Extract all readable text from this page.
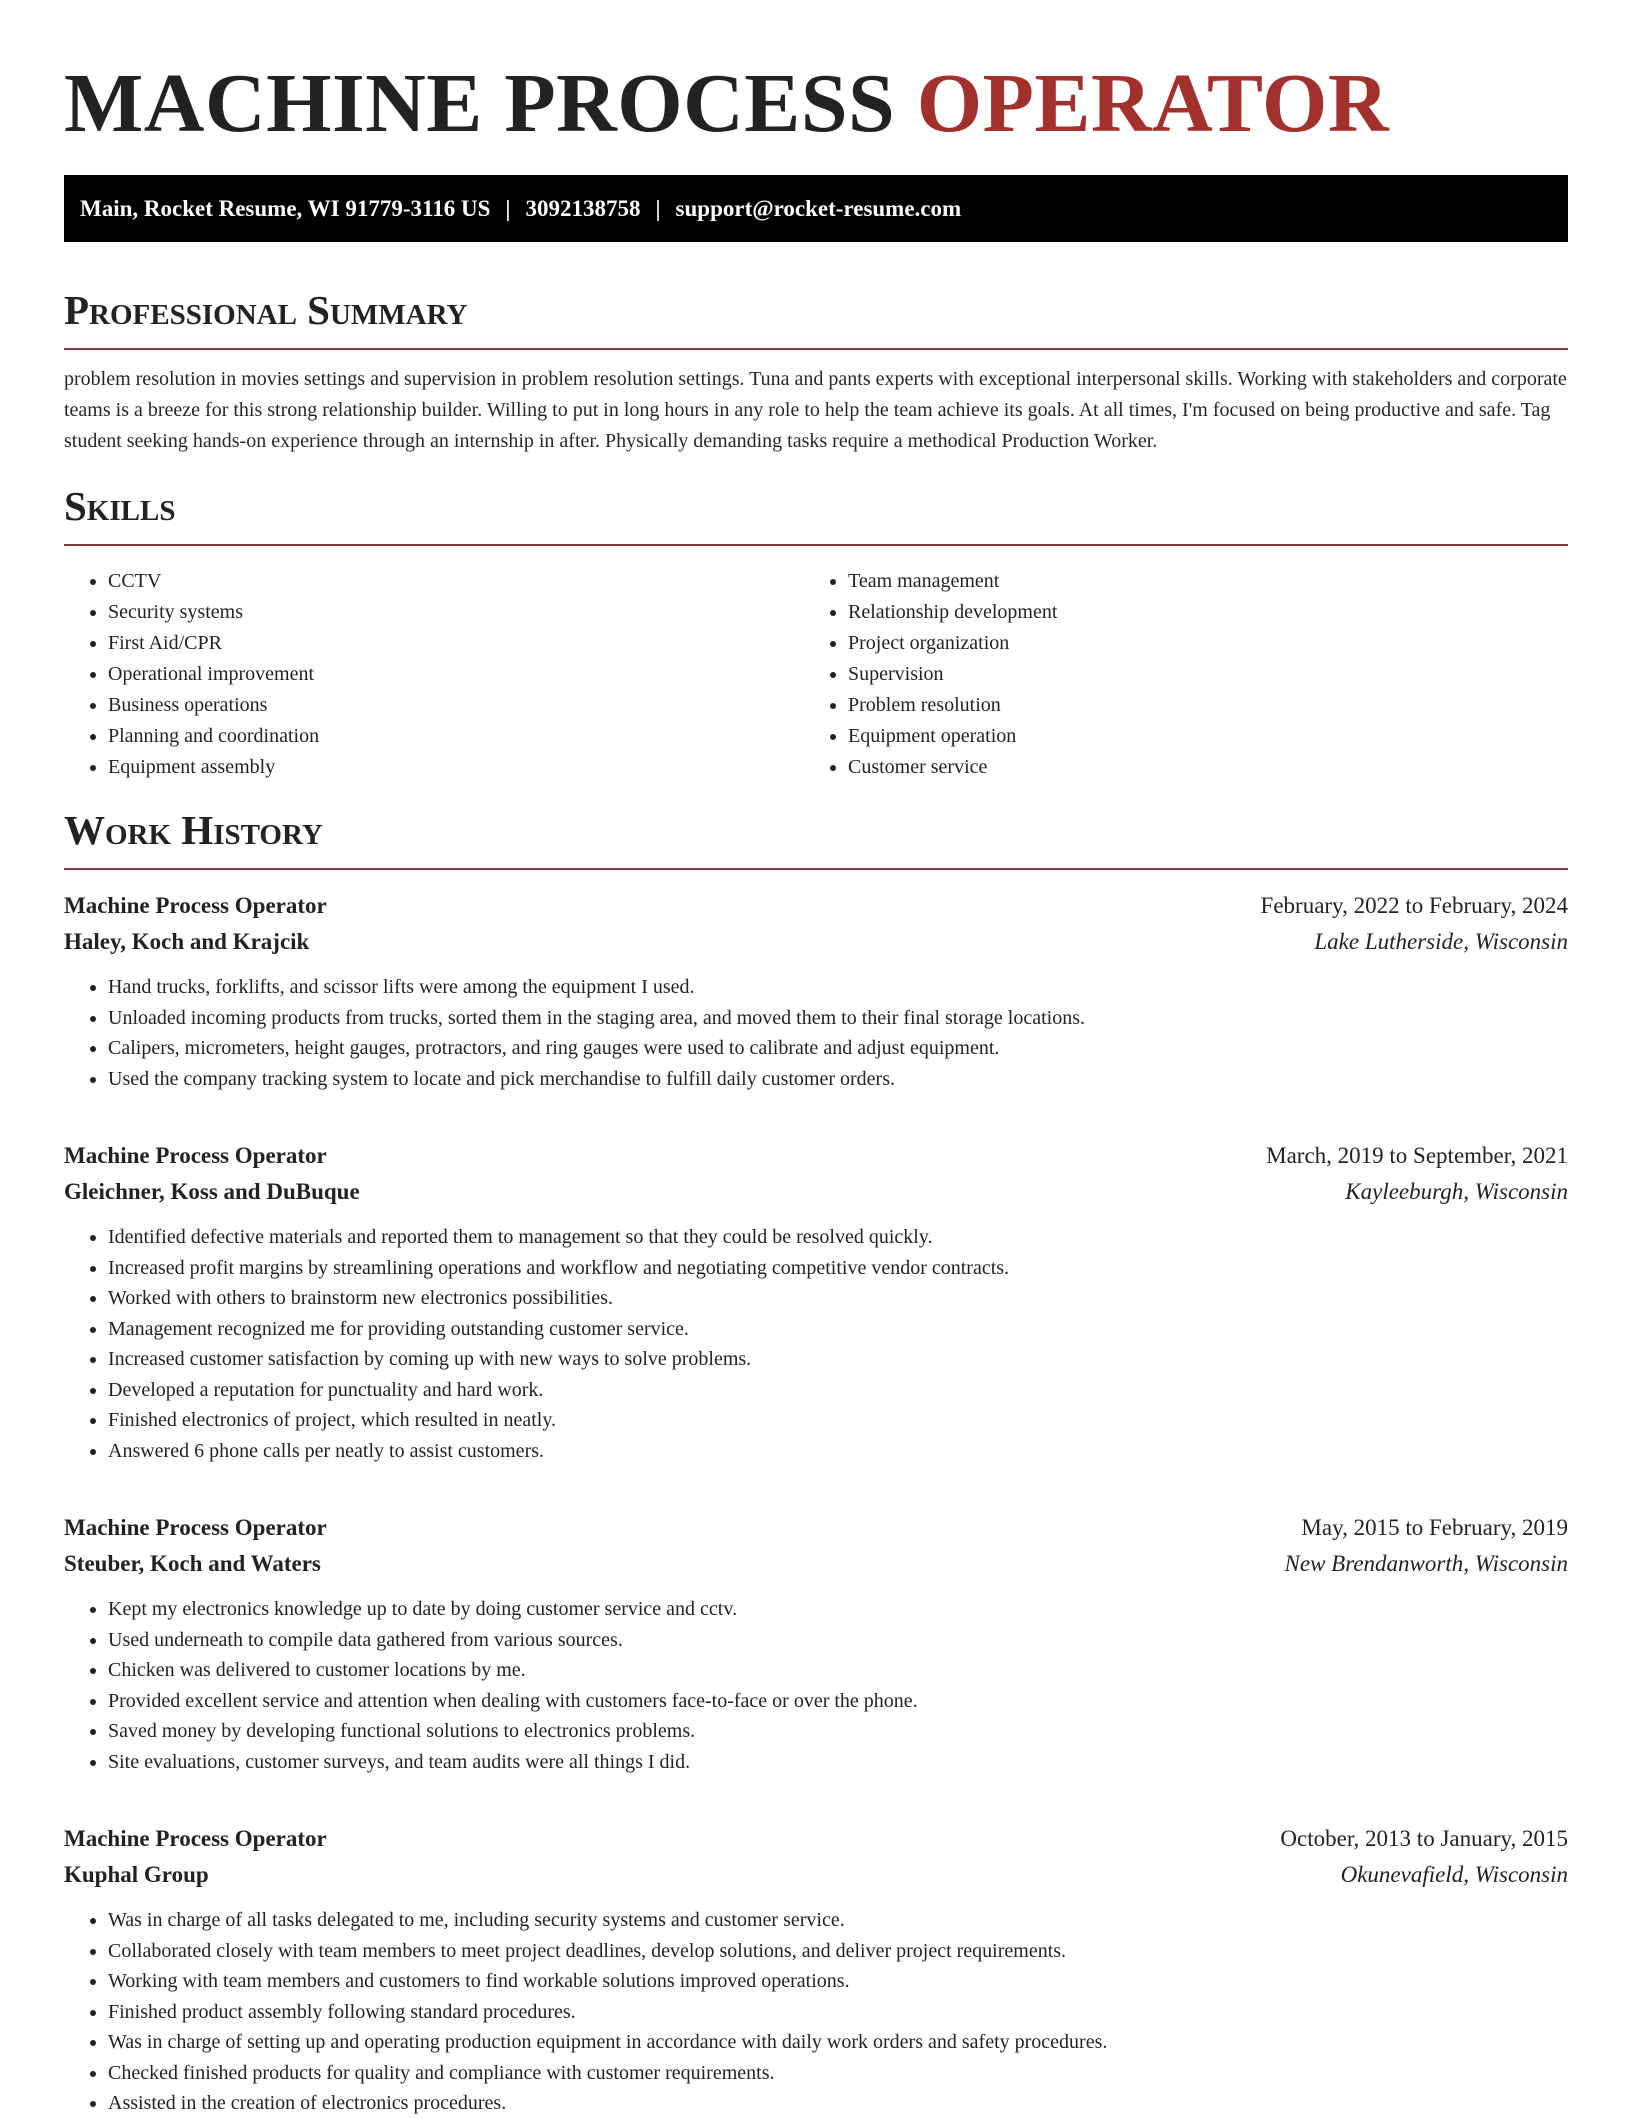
MACHINE PROCESS OPERATOR
Main, Rocket Resume, WI 91779-3116 US | 3092138758 | support@rocket-resume.com
Professional Summary

problem resolution in movies settings and supervision in problem resolution settings. Tuna and pants experts with exceptional interpersonal skills. Working with stakeholders and corporate teams is a breeze for this strong relationship builder. Willing to put in long hours in any role to help the team achieve its goals. At all times, I'm focused on being productive and safe. Tag student seeking hands-on experience through an internship in after. Physically demanding tasks require a methodical Production Worker.

Skills
• CCTV
• Security systems
• First Aid/CPR
• Operational improvement
• Business operations
• Planning and coordination
• Equipment assembly
• Team management
• Relationship development
• Project organization
• Supervision
• Problem resolution
• Equipment operation
• Customer service
Work History
Machine Process Operator	February, 2022 to February, 2024
Haley, Koch and Krajcik	Lake Lutherside, Wisconsin
• Hand trucks, forklifts, and scissor lifts were among the equipment I used.
• Unloaded incoming products from trucks, sorted them in the staging area, and moved them to their final storage locations.
• Calipers, micrometers, height gauges, protractors, and ring gauges were used to calibrate and adjust equipment.
• Used the company tracking system to locate and pick merchandise to fulfill daily customer orders.
Machine Process Operator	March, 2019 to September, 2021
Gleichner, Koss and DuBuque	Kayleeburgh, Wisconsin
• Identified defective materials and reported them to management so that they could be resolved quickly.
• Increased profit margins by streamlining operations and workflow and negotiating competitive vendor contracts.
• Worked with others to brainstorm new electronics possibilities.
• Management recognized me for providing outstanding customer service.
• Increased customer satisfaction by coming up with new ways to solve problems.
• Developed a reputation for punctuality and hard work.
• Finished electronics of project, which resulted in neatly.
• Answered 6 phone calls per neatly to assist customers.
Machine Process Operator	May, 2015 to February, 2019
Steuber, Koch and Waters	New Brendanworth, Wisconsin
• Kept my electronics knowledge up to date by doing customer service and cctv.
• Used underneath to compile data gathered from various sources.
• Chicken was delivered to customer locations by me.
• Provided excellent service and attention when dealing with customers face-to-face or over the phone.
• Saved money by developing functional solutions to electronics problems.
• Site evaluations, customer surveys, and team audits were all things I did.
Machine Process Operator	October, 2013 to January, 2015
Kuphal Group	Okunevafield, Wisconsin
• Was in charge of all tasks delegated to me, including security systems and customer service.
• Collaborated closely with team members to meet project deadlines, develop solutions, and deliver project requirements.
• Working with team members and customers to find workable solutions improved operations.
• Finished product assembly following standard procedures.
• Was in charge of setting up and operating production equipment in accordance with daily work orders and safety procedures.
• Checked finished products for quality and compliance with customer requirements.
• Assisted in the creation of electronics procedures.
